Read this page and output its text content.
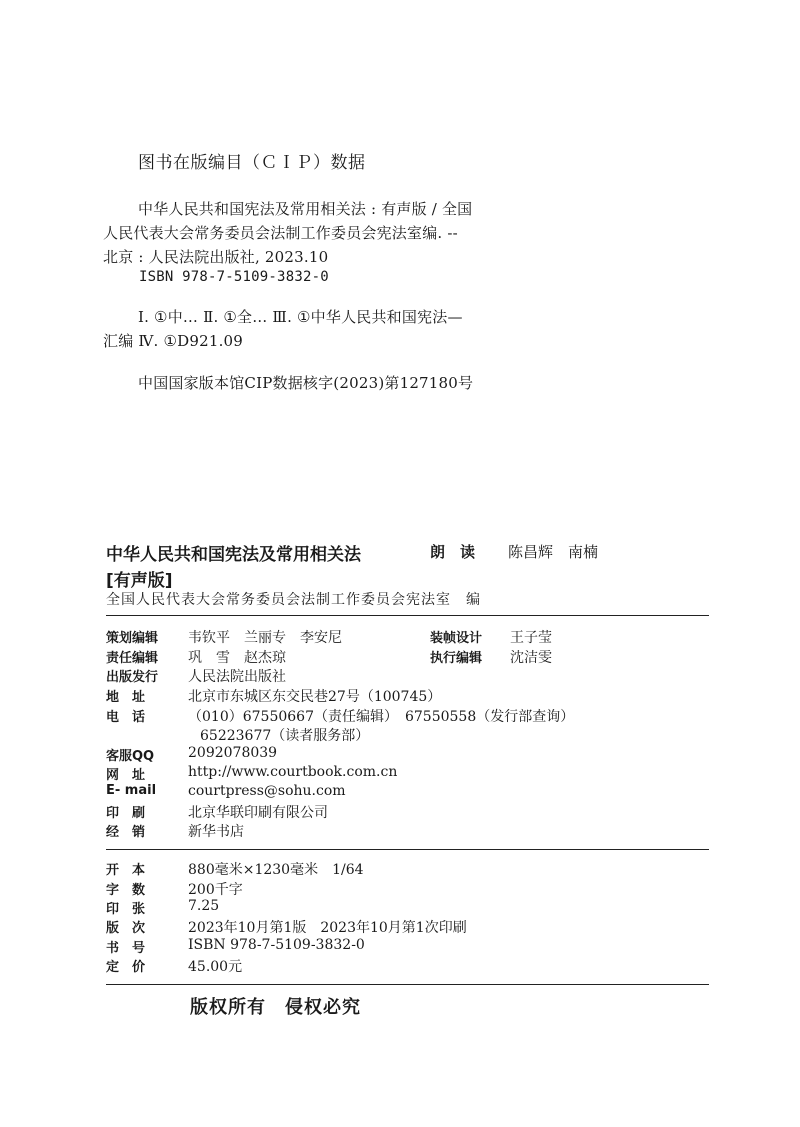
图书在版编目（ＣＩＰ）数据
中华人民共和国宪法及常用相关法 : 有声版 / 全国
人民代表大会常务委员会法制工作委员会宪法室编. --
北京 : 人民法院出版社, 2023.10
ISBN 978-7-5109-3832-0
Ⅰ. ①中… Ⅱ. ①全… Ⅲ. ①中华人民共和国宪法—
汇编 Ⅳ. ①D921.09
中国国家版本馆CIP数据核字(2023)第127180号
中华人民共和国宪法及常用相关法	朗　读 陈昌辉　南楠
[有声版]
全国人民代表大会常务委员会法制工作委员会宪法室　编
策划编辑	韦钦平　兰丽专　李安尼	装帧设计	王子莹
责任编辑	巩　雪　赵杰琼	执行编辑	沈洁雯
出版发行	人民法院出版社
地　址	北京市东城区东交民巷27号（100745）
电　话	（010）67550667（责任编辑）　67550558（发行部查询）
65223677（读者服务部）
客服QQ	2092078039
网　址	http://www.courtbook.com.cn
E- mail	courtpress@sohu.com
印　刷	北京华联印刷有限公司
经　销	新华书店
开　本	880毫米×1230毫米　1/64
字　数	200千字
印　张	7.25
版　次	2023年10月第1版　2023年10月第1次印刷
书　号	ISBN 978-7-5109-3832-0
定　价	45.00元
版权所有　侵权必究
